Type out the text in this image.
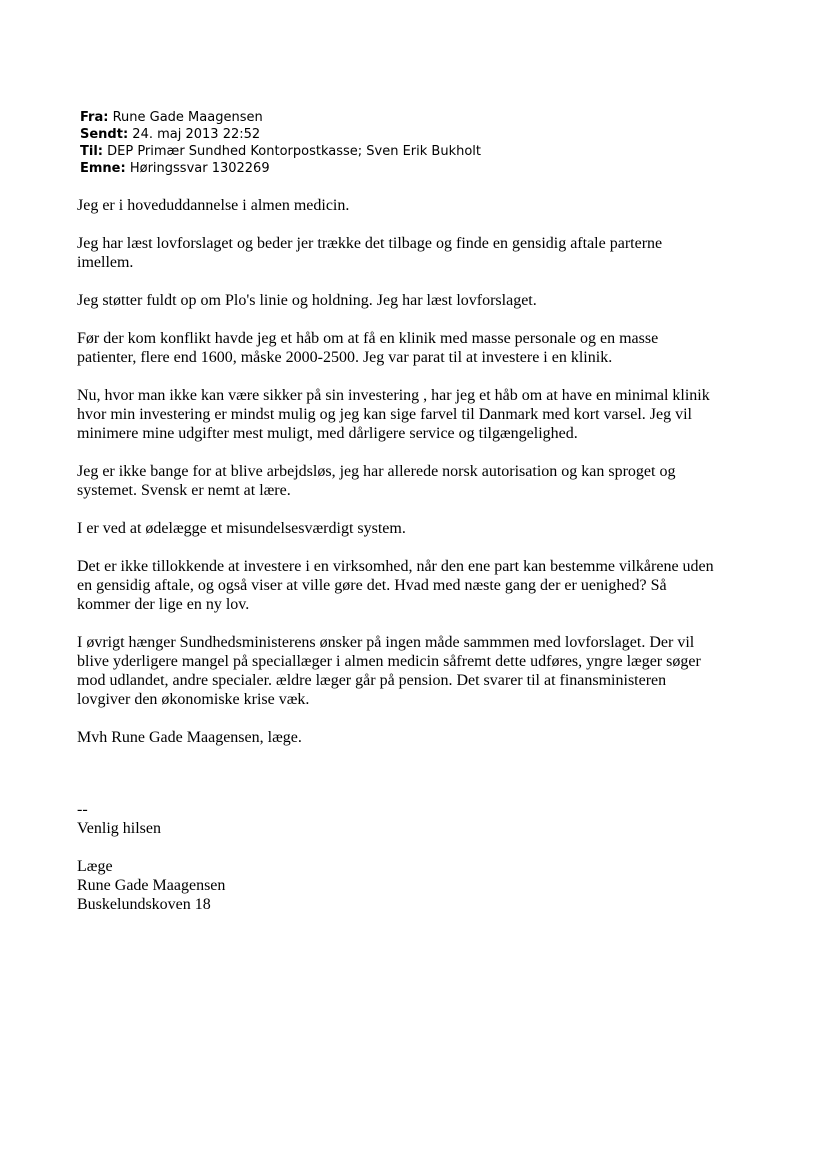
Fra: Rune Gade Maagensen
Sendt: 24. maj 2013 22:52
Til: DEP Primær Sundhed Kontorpostkasse; Sven Erik Bukholt
Emne: Høringssvar 1302269

Jeg er i hoveduddannelse i almen medicin.

Jeg har læst lovforslaget og beder jer trække det tilbage og finde en gensidig aftale parterne
imellem.

Jeg støtter fuldt op om Plo's linie og holdning. Jeg har læst lovforslaget.

Før der kom konflikt havde jeg et håb om at få en klinik med masse personale og en masse
patienter, flere end 1600, måske 2000-2500. Jeg var parat til at investere i en klinik.

Nu, hvor man ikke kan være sikker på sin investering , har jeg et håb om at have en minimal klinik
hvor min investering er mindst mulig og jeg kan sige farvel til Danmark med kort varsel. Jeg vil
minimere mine udgifter mest muligt, med dårligere service og tilgængelighed.

Jeg er ikke bange for at blive arbejdsløs, jeg har allerede norsk autorisation og kan sproget og
systemet. Svensk er nemt at lære.

I er ved at ødelægge et misundelsesværdigt system.

Det er ikke tillokkende at investere i en virksomhed, når den ene part kan bestemme vilkårene uden
en gensidig aftale, og også viser at ville gøre det. Hvad med næste gang der er uenighed? Så
kommer der lige en ny lov.

I øvrigt hænger Sundhedsministerens ønsker på ingen måde sammmen med lovforslaget. Der vil
blive yderligere mangel på speciallæger i almen medicin såfremt dette udføres, yngre læger søger
mod udlandet, andre specialer. ældre læger går på pension. Det svarer til at finansministeren
lovgiver den økonomiske krise væk.

Mvh Rune Gade Maagensen, læge.

--

Venlig hilsen

Læge

Rune Gade Maagensen

Buskelundskoven 18
